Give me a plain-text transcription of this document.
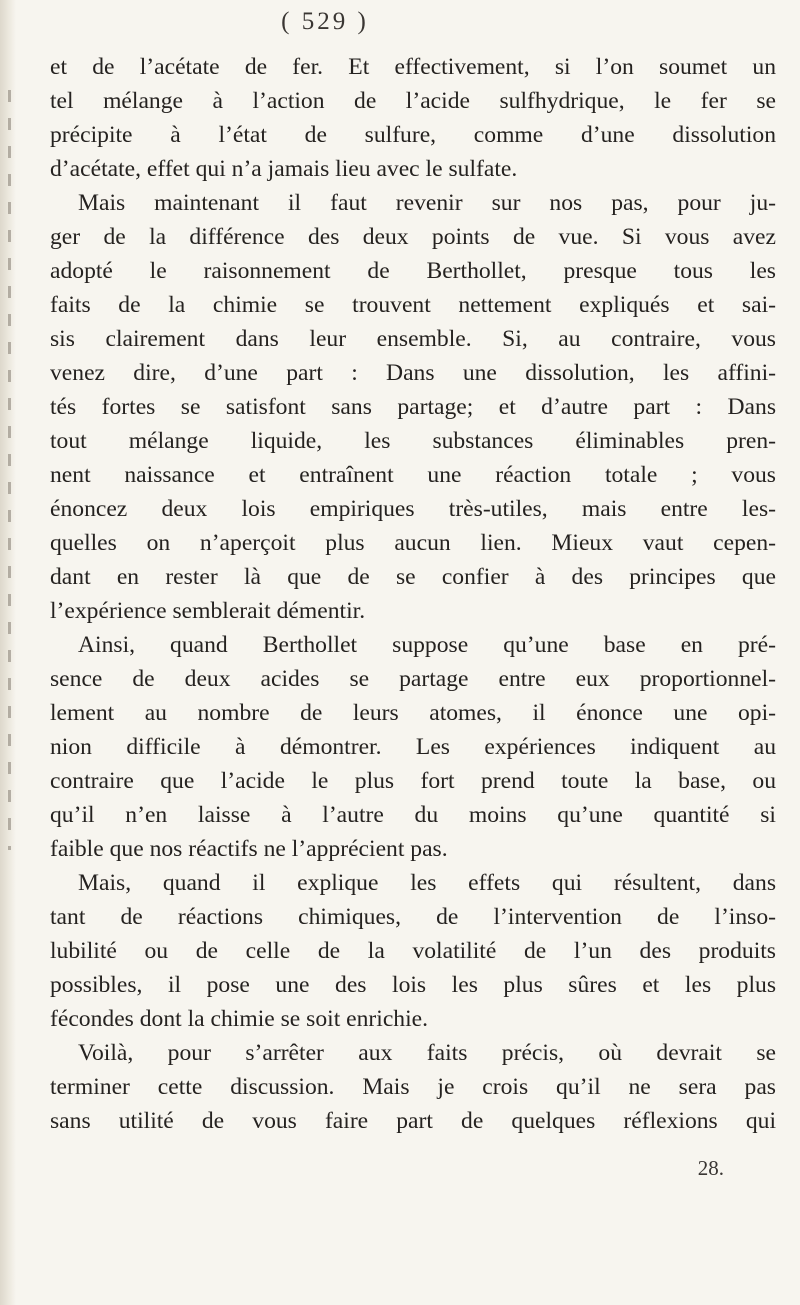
( 529 )
et de l’acétate de fer. Et effectivement, si l’on soumet un
tel mélange à l’action de l’acide sulfhydrique, le fer se
précipite à l’état de sulfure, comme d’une dissolution
d’acétate, effet qui n’a jamais lieu avec le sulfate.
Mais maintenant il faut revenir sur nos pas, pour ju-
ger de la différence des deux points de vue. Si vous avez
adopté le raisonnement de Berthollet, presque tous les
faits de la chimie se trouvent nettement expliqués et sai-
sis clairement dans leur ensemble. Si, au contraire, vous
venez dire, d’une part : Dans une dissolution, les affini-
tés fortes se satisfont sans partage; et d’autre part : Dans
tout mélange liquide, les substances éliminables pren-
nent naissance et entraînent une réaction totale ; vous
énoncez deux lois empiriques très-utiles, mais entre les-
quelles on n’aperçoit plus aucun lien. Mieux vaut cepen-
dant en rester là que de se confier à des principes que
l’expérience semblerait démentir.
Ainsi, quand Berthollet suppose qu’une base en pré-
sence de deux acides se partage entre eux proportionnel-
lement au nombre de leurs atomes, il énonce une opi-
nion difficile à démontrer. Les expériences indiquent au
contraire que l’acide le plus fort prend toute la base, ou
qu’il n’en laisse à l’autre du moins qu’une quantité si
faible que nos réactifs ne l’apprécient pas.
Mais, quand il explique les effets qui résultent, dans
tant de réactions chimiques, de l’intervention de l’inso-
lubilité ou de celle de la volatilité de l’un des produits
possibles, il pose une des lois les plus sûres et les plus
fécondes dont la chimie se soit enrichie.
Voilà, pour s’arrêter aux faits précis, où devrait se
terminer cette discussion. Mais je crois qu’il ne sera pas
sans utilité de vous faire part de quelques réflexions qui
28.
